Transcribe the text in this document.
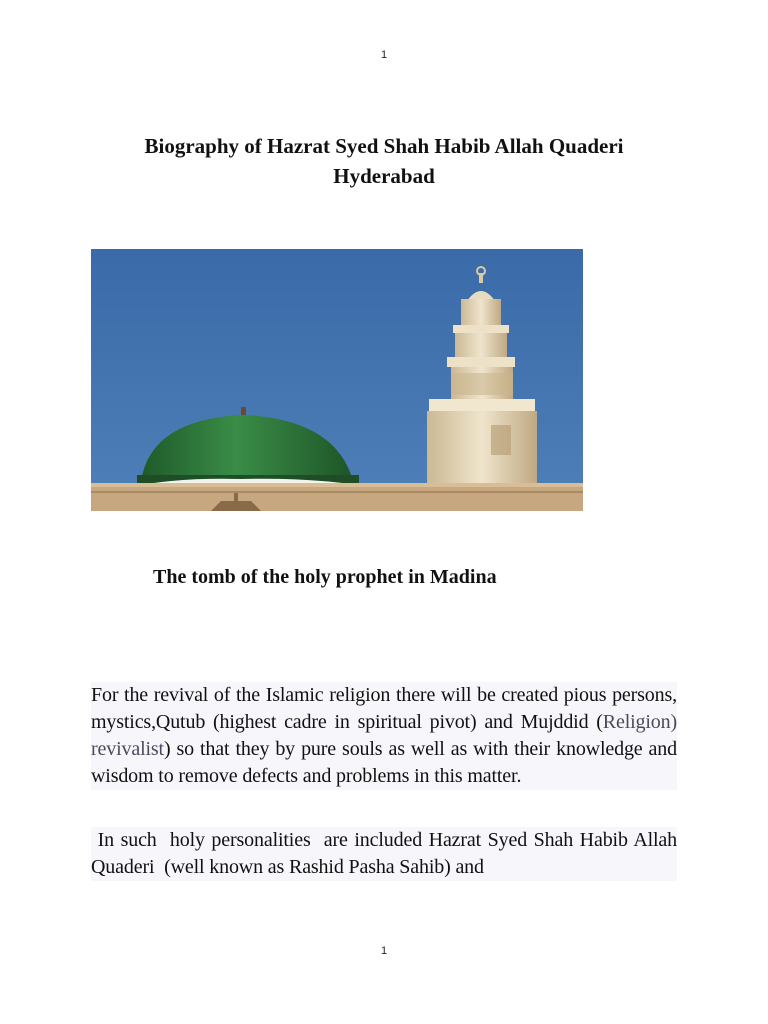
1
Biography of Hazrat Syed Shah Habib Allah Quaderi
Hyderabad

The tomb of the holy prophet in Madina

For the revival of the Islamic religion there will be created pious persons, mystics,Qutub (highest cadre in spiritual pivot) and Mujddid (Religion) revivalist) so that they by pure souls as well as with their knowledge and wisdom to remove defects and problems in this matter.

In such  holy personalities  are included Hazrat Syed Shah Habib Allah Quaderi  (well known as Rashid Pasha Sahib) and

1
